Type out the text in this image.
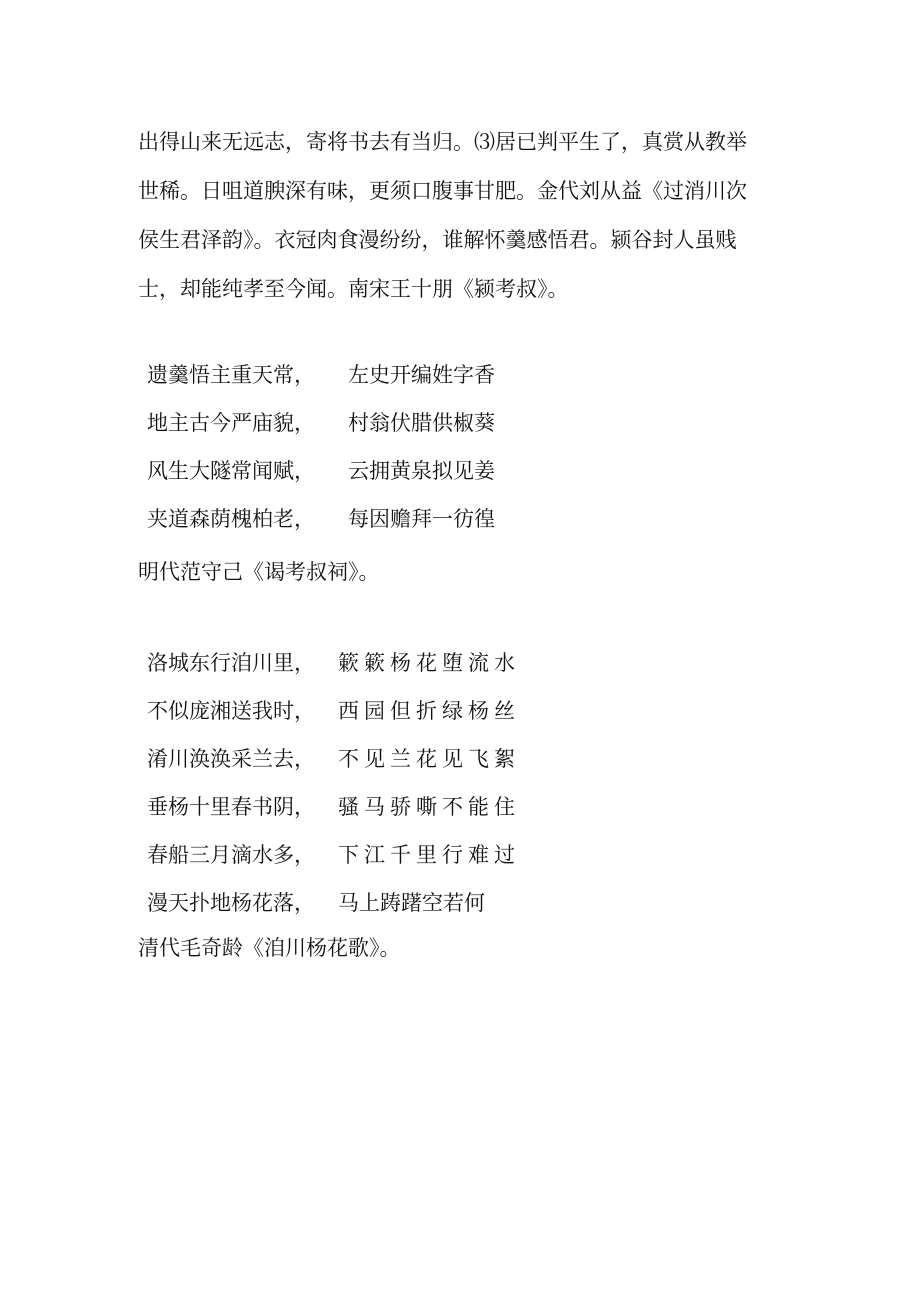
出得山来无远志，寄将书去有当归。⑶居已判平生了，真赏从教举
世稀。日咀道腴深有味，更须口腹事甘肥。金代刘从益《过消川次
侯生君泽韵》。衣冠肉食漫纷纷，谁解怀羹感悟君。颍谷封人虽贱
士，却能纯孝至今闻。南宋王十朋《颍考叔》。
遗羹悟主重天常， 左史开编姓字香
地主古今严庙貌， 村翁伏腊供椒葵
风生大隧常闻赋， 云拥黄泉拟见姜
夹道森荫槐柏老， 每因赡拜一彷徨
明代范守己《谒考叔祠》。
洛城东行洎川里， 簌簌杨花堕流水
不似庞湘送我时， 西园但折绿杨丝
淆川涣涣采兰去， 不见兰花见飞絮
垂杨十里春书阴， 骚马骄嘶不能住
春船三月滴水多， 下江千里行难过
漫天扑地杨花落， 马上踌躇空若何
清代毛奇龄《洎川杨花歌》。
